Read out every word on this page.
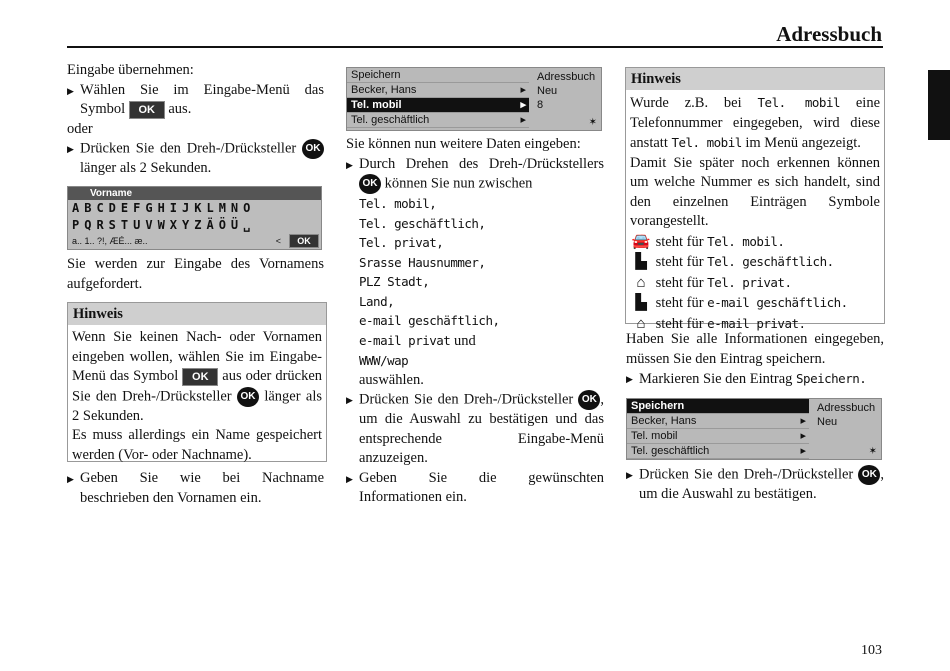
Adressbuch
103

Eingabe übernehmen:

▶ Wählen Sie im Eingabe-Menü das Symbol OK aus.

oder

▶ Drücken Sie den Dreh-/Drücksteller OK länger als 2 Sekunden.

Vorname
ABCDEFGHIJKLMNO
PQRSTUVWXYZÄÖÜ␣
a.. 1.. ?!, ÆÉ... æ..	<	OK

Sie werden zur Eingabe des Vornamens aufgefordert.

Hinweis
Wenn Sie keinen Nach- oder Vornamen eingeben wollen, wählen Sie im Eingabe-Menü das Symbol OK aus oder drücken Sie den Dreh-/Drücksteller OK länger als 2 Sekunden.
Es muss allerdings ein Name gespeichert werden (Vor- oder Nachname).

▶ Geben Sie wie bei Nachname beschrieben den Vornamen ein.

Speichern
Becker, Hans	▸
Tel. mobil	▸
Tel. geschäftlich	▸
Adressbuch
Neu
8
✶

Sie können nun weitere Daten eingeben:

▶ Durch Drehen des Dreh-/Drückstellers OK können Sie nun zwischen

Tel. mobil,
Tel. geschäftlich,
Tel. privat,
Srasse Hausnummer,
PLZ Stadt,
Land,
e-mail geschäftlich,
e-mail privat und
WWW/wap
auswählen.

▶ Drücken Sie den Dreh-/Drücksteller OK , um die Auswahl zu bestätigen und das entsprechende Eingabe-Menü anzuzeigen.

▶ Geben Sie die gewünschten Informationen ein.

Hinweis
Wurde z.B. bei Tel. mobil eine Telefonnummer eingegeben, wird diese anstatt Tel. mobil im Menü angezeigt.
Damit Sie später noch erkennen können um welche Nummer es sich handelt, sind den einzelnen Einträgen Symbole vorangestellt.
🚘 steht für Tel. mobil.
▙ steht für Tel. geschäftlich.
⌂ steht für Tel. privat.
▙ steht für e-mail geschäftlich.
⌂ steht für e-mail privat.

Haben Sie alle Informationen eingegeben, müssen Sie den Eintrag speichern.

▶ Markieren Sie den Eintrag Speichern.

Speichern
Becker, Hans	▸
Tel. mobil	▸
Tel. geschäftlich	▸
Adressbuch
Neu
✶

▶ Drücken Sie den Dreh-/Drücksteller OK , um die Auswahl zu bestätigen.
